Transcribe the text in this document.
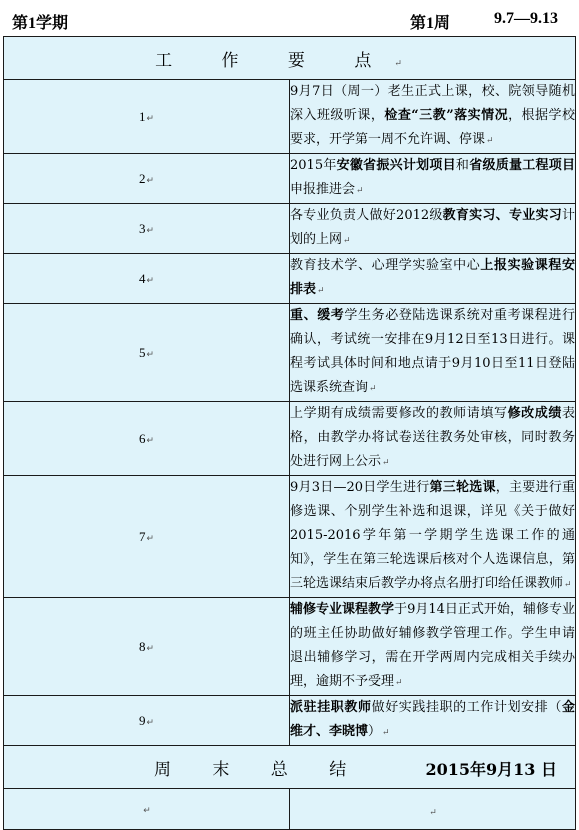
第1学期	第1周	9.7—9.13
工 作 要 点↵	
1↵	9月7日（周一）老生正式上课，校、院领导随机深入班级听课，检查“三教”落实情况，根据学校要求，开学第一周不允许调、停课↵
2↵	2015年安徽省振兴计划项目和省级质量工程项目申报推进会↵
3↵	各专业负责人做好2012级教育实习、专业实习计划的上网↵
4↵	教育技术学、心理学实验室中心上报实验课程安排表↵
5↵	重、缓考学生务必登陆选课系统对重考课程进行确认，考试统一安排在9月12日至13日进行。课程考试具体时间和地点请于9月10日至11日登陆选课系统查询↵
6↵	上学期有成绩需要修改的教师请填写修改成绩表格，由教学办将试卷送往教务处审核，同时教务处进行网上公示↵
7↵	9月3日—20日学生进行第三轮选课，主要进行重修选课、个别学生补选和退课，详见《关于做好2015-2016学年第一学期学生选课工作的通知》，学生在第三轮选课后核对个人选课信息，第三轮选课结束后教学办将点名册打印给任课教师↵
8↵	辅修专业课程教学于9月14日正式开始，辅修专业的班主任协助做好辅修教学管理工作。学生申请退出辅修学习，需在开学两周内完成相关手续办理，逾期不予受理↵
9↵	派驻挂职教师做好实践挂职的工作计划安排（金维才、李晓博）↵
周 末 总 结 2015年9月13 日	

↵	↵
